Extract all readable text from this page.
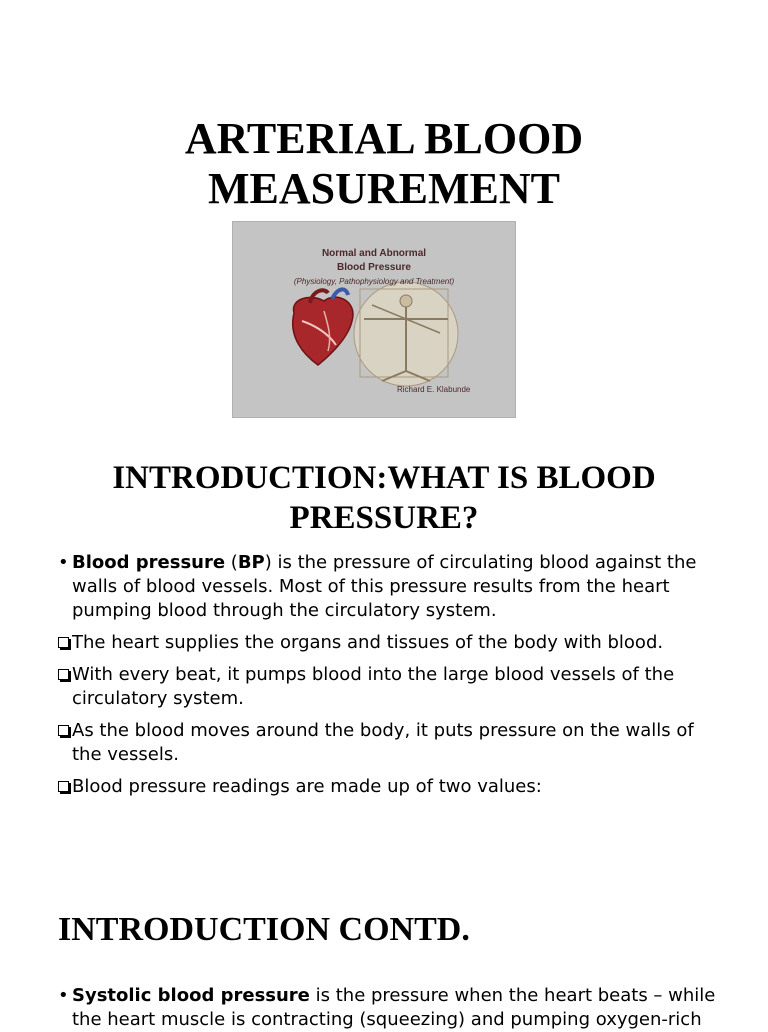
ARTERIAL BLOOD
MEASUREMENT
Normal and Abnormal
Blood Pressure
(Physiology, Pathophysiology and Treatment)
Richard E. Klabunde
INTRODUCTION:WHAT IS BLOOD
PRESSURE?
• Blood pressure (BP) is the pressure of circulating blood against the walls of blood vessels. Most of this pressure results from the heart pumping blood through the circulatory system.
The heart supplies the organs and tissues of the body with blood.
With every beat, it pumps blood into the large blood vessels of the circulatory system.
As the blood moves around the body, it puts pressure on the walls of the vessels.
Blood pressure readings are made up of two values:
INTRODUCTION CONTD.
• Systolic blood pressure is the pressure when the heart beats – while the heart muscle is contracting (squeezing) and pumping oxygen-rich
